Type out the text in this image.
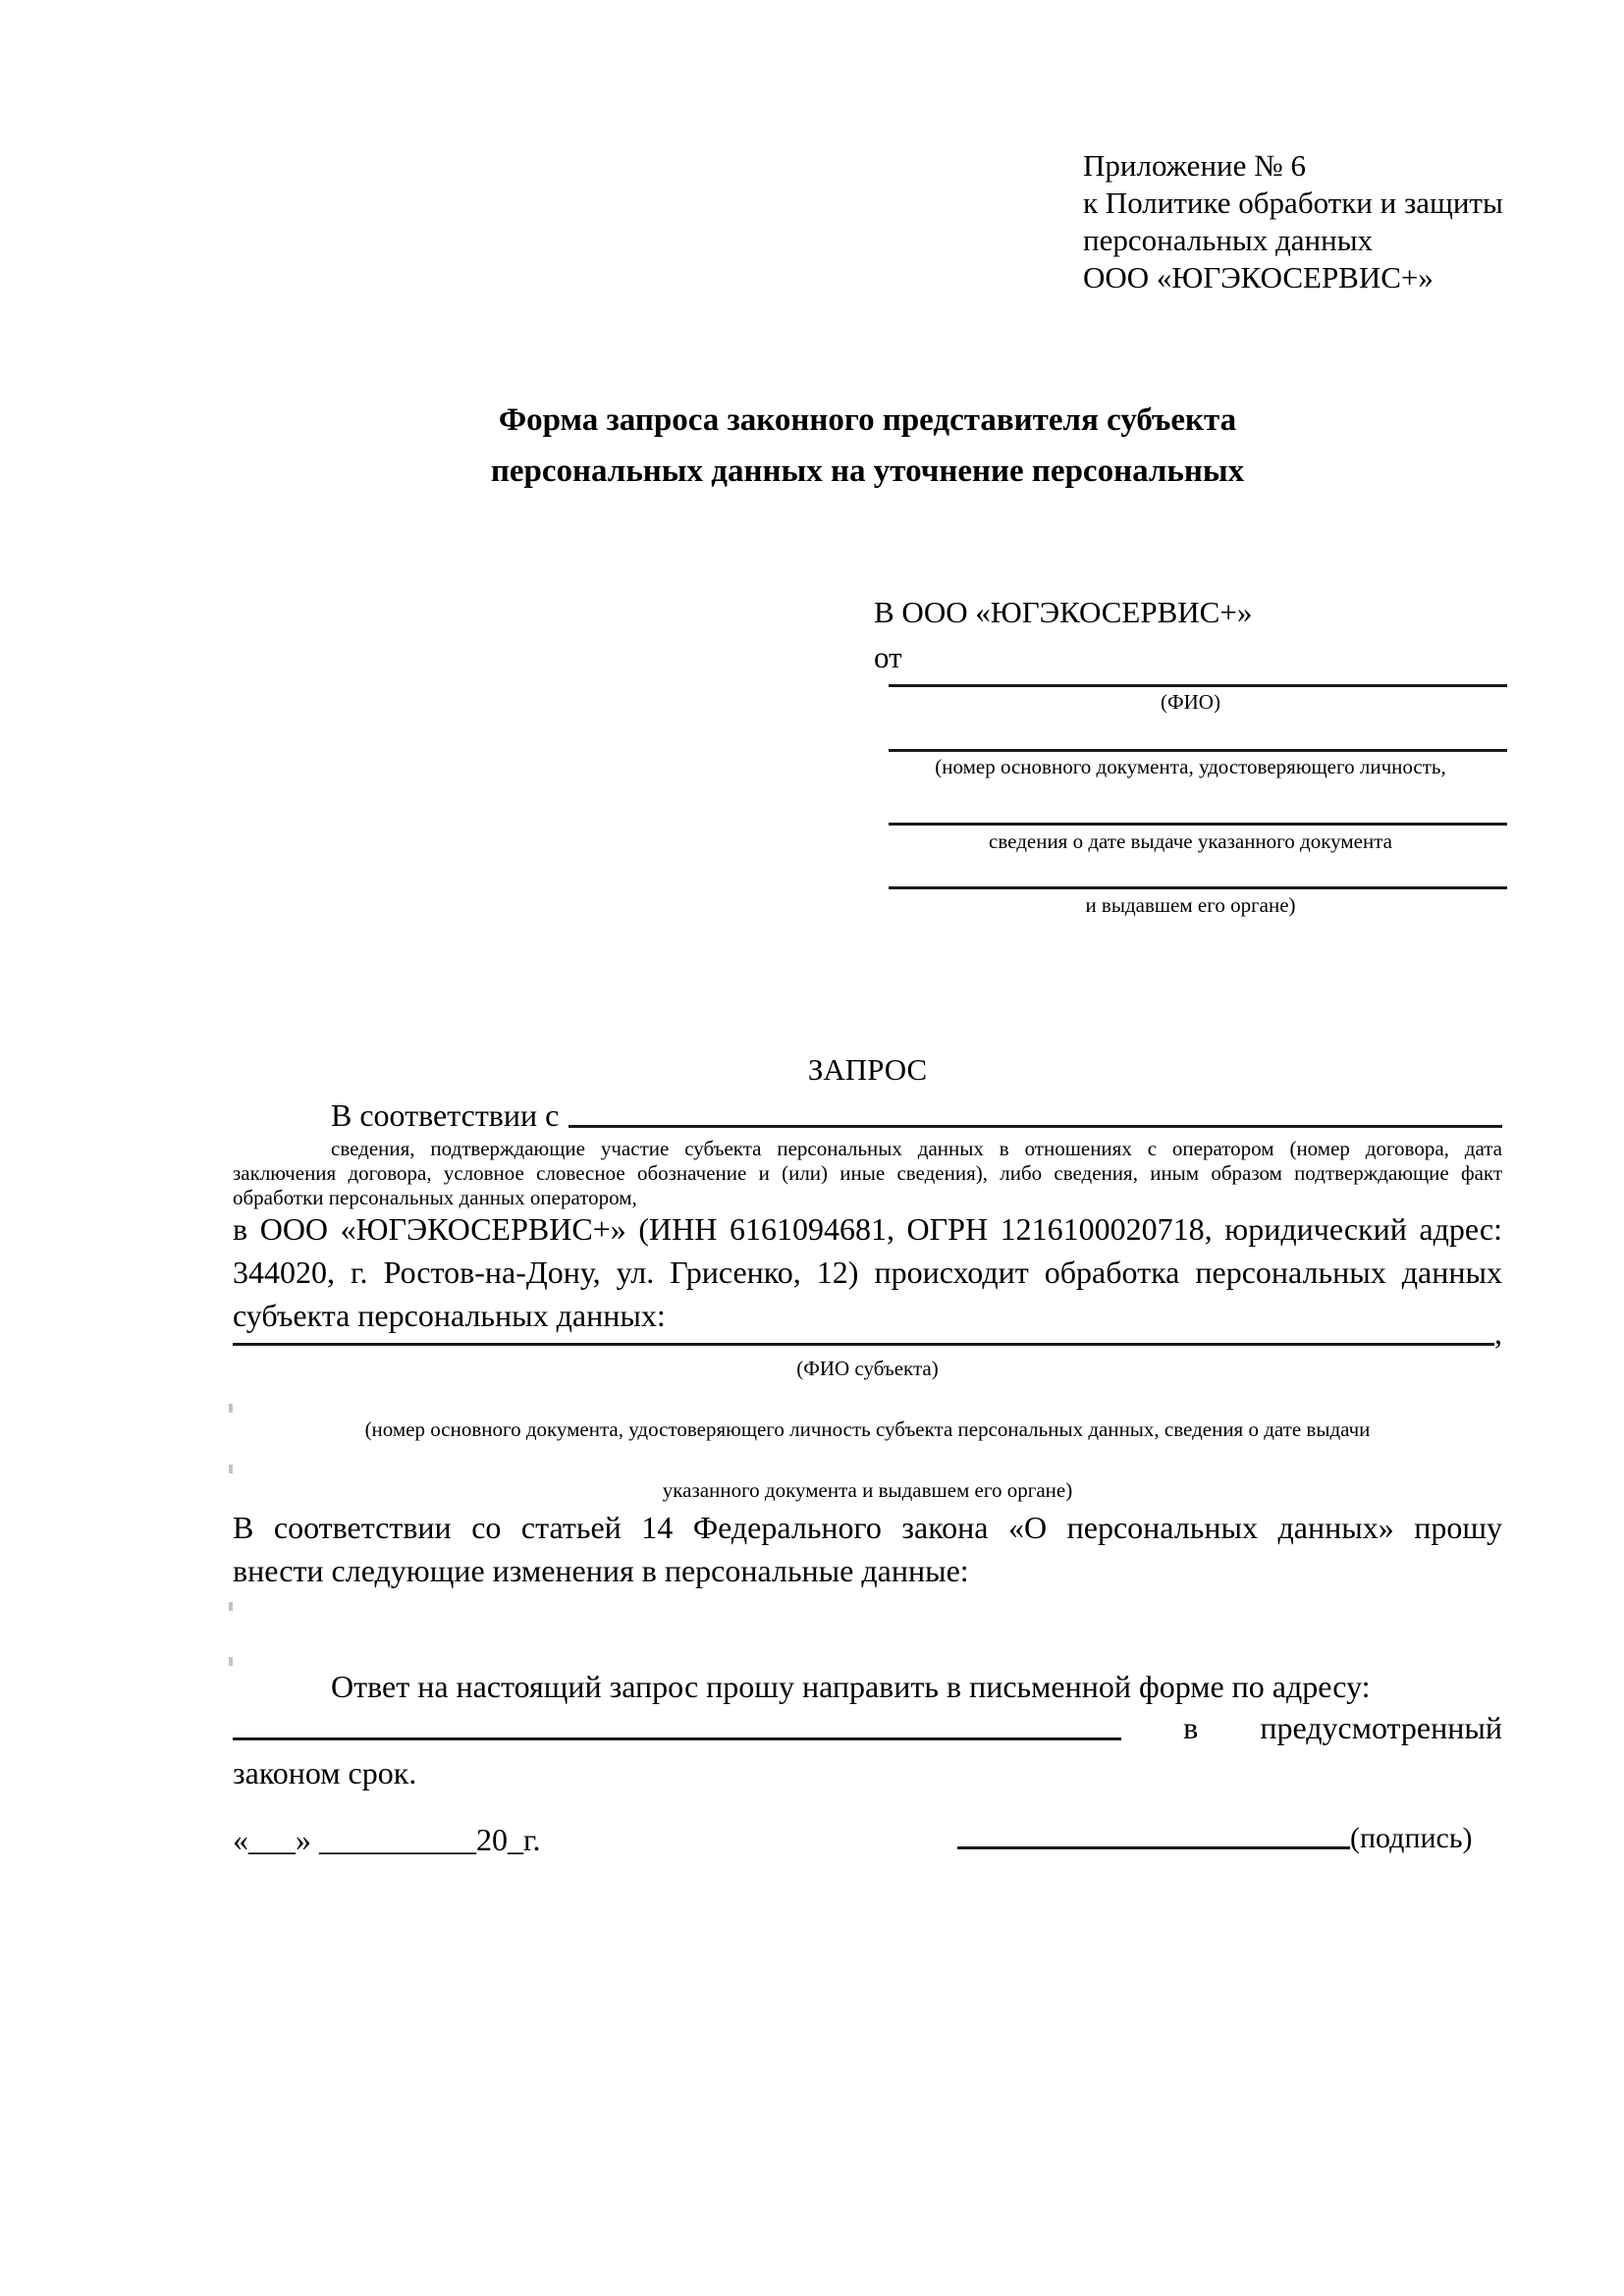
Приложение № 6
к Политике обработки и защиты
персональных данных
ООО «ЮГЭКОСЕРВИС+»
Форма запроса законного представителя субъекта
персональных данных на уточнение персональных
В ООО «ЮГЭКОСЕРВИС+»
от
(ФИО)
(номер основного документа, удостоверяющего личность,
сведения о дате выдаче указанного документа
и выдавшем его органе)
ЗАПРОС
В соответствии с
сведения, подтверждающие участие субъекта персональных данных в отношениях с оператором (номер договора, дата
заключения договора, условное словесное обозначение и (или) иные сведения), либо сведения, иным образом подтверждающие факт
обработки персональных данных оператором,
в ООО «ЮГЭКОСЕРВИС+» (ИНН 6161094681, ОГРН 1216100020718, юридический адрес:
344020, г. Ростов-на-Дону, ул. Грисенко, 12) происходит обработка персональных данных
субъекта персональных данных:	,
(ФИО субъекта)
(номер основного документа, удостоверяющего личность субъекта персональных данных, сведения о дате выдачи
указанного документа и выдавшем его органе)
В соответствии со статьей 14 Федерального закона «О персональных данных» прошу
внести следующие изменения в персональные данные:
Ответ на настоящий запрос прошу направить в письменной форме по адресу:
в предусмотренный
законом срок.
«___» __________20_г.	(подпись)
